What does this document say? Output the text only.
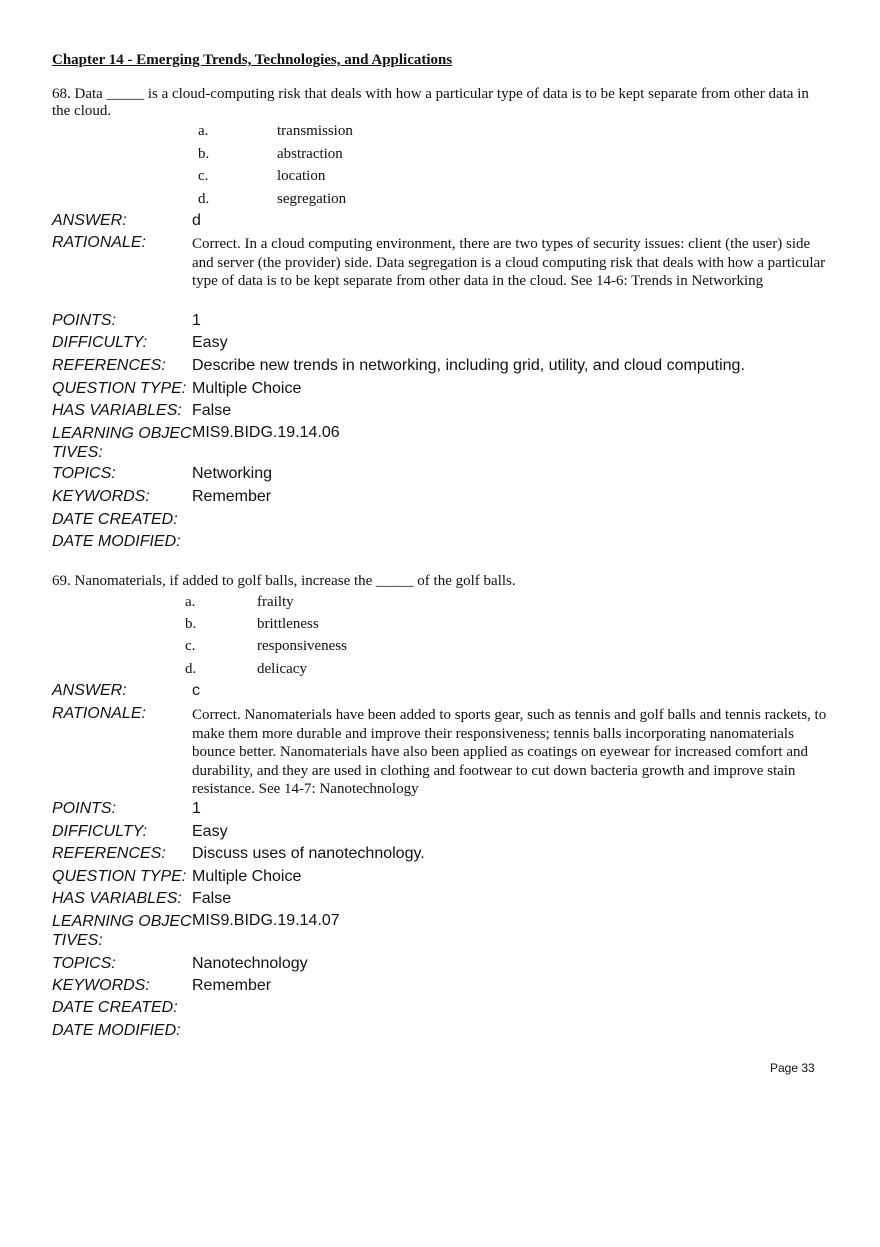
Chapter 14 - Emerging Trends, Technologies, and Applications
68. Data _____ is a cloud-computing risk that deals with how a particular type of data is to be kept separate from other data in the cloud.
a.	transmission
b.	abstraction
c.	location
d.	segregation
ANSWER:	d
RATIONALE:	Correct. In a cloud computing environment, there are two types of security issues: client (the user) side and server (the provider) side. Data segregation is a cloud computing risk that deals with how a particular type of data is to be kept separate from other data in the cloud. See 14-6: Trends in Networking
POINTS:	1
DIFFICULTY:	Easy
REFERENCES: Describe new trends in networking, including grid, utility, and cloud computing.
QUESTION TYPE: Multiple Choice
HAS VARIABLES: False
LEARNING OBJECTIVES:
MIS9.BIDG.19.14.06
TOPICS:	Networking
KEYWORDS:	Remember
DATE CREATED:
DATE MODIFIED:
69. Nanomaterials, if added to golf balls, increase the _____ of the golf balls.
a.	frailty
b.	brittleness
c.	responsiveness
d.	delicacy
ANSWER:	c
RATIONALE:	Correct. Nanomaterials have been added to sports gear, such as tennis and golf balls and tennis rackets, to make them more durable and improve their responsiveness; tennis balls incorporating nanomaterials bounce better. Nanomaterials have also been applied as coatings on eyewear for increased comfort and durability, and they are used in clothing and footwear to cut down bacteria growth and improve stain resistance. See 14-7: Nanotechnology
POINTS:	1
DIFFICULTY:	Easy
REFERENCES: Discuss uses of nanotechnology.
QUESTION TYPE: Multiple Choice
HAS VARIABLES: False
LEARNING OBJECTIVES:
MIS9.BIDG.19.14.07
TOPICS:	Nanotechnology
KEYWORDS:	Remember
DATE CREATED:
DATE MODIFIED:
Page 33
